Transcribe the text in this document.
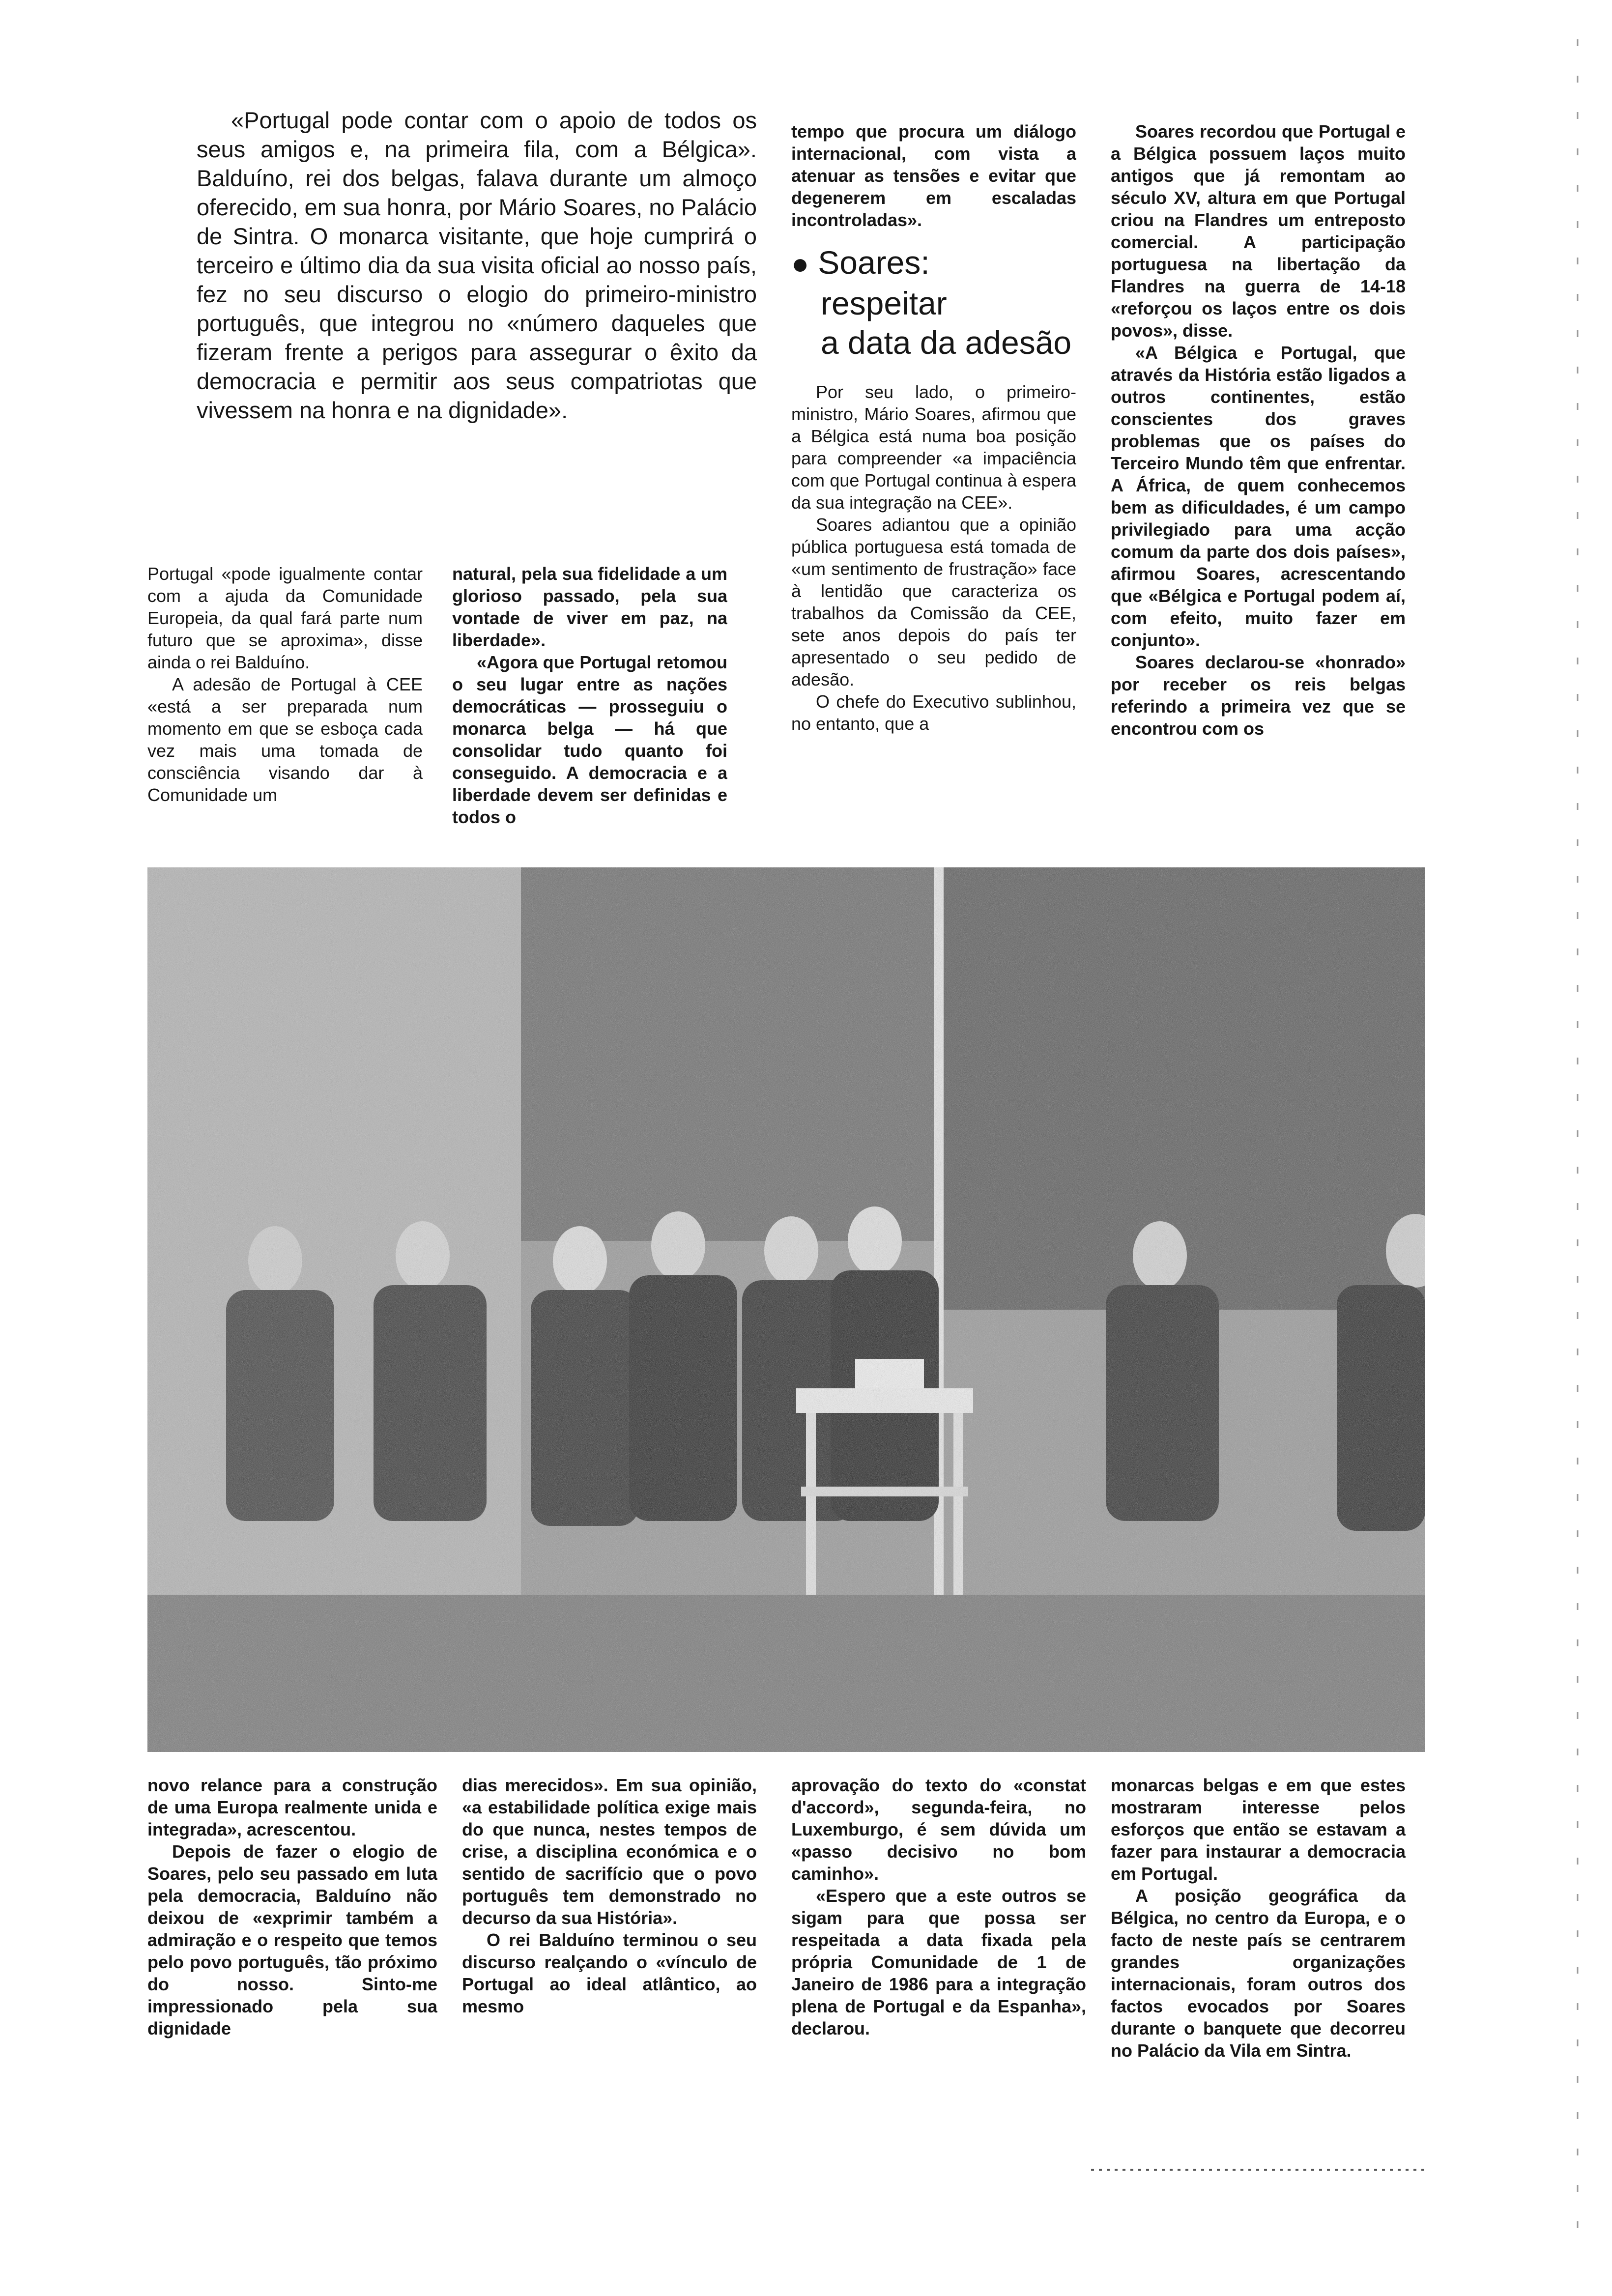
«Portugal pode contar com o apoio de todos os seus amigos e, na primeira fila, com a Bélgica». Balduíno, rei dos belgas, falava durante um almoço oferecido, em sua honra, por Mário Soares, no Palácio de Sintra. O monarca visitante, que hoje cumprirá o terceiro e último dia da sua visita oficial ao nosso país, fez no seu discurso o elogio do primeiro-ministro português, que integrou no «número daqueles que fizeram frente a perigos para assegurar o êxito da democracia e permitir aos seus compatriotas que vivessem na honra e na dignidade».

Portugal «pode igualmente contar com a ajuda da Comunidade Europeia, da qual fará parte num futuro que se aproxima», disse ainda o rei Balduíno.

A adesão de Portugal à CEE «está a ser preparada num momento em que se esboça cada vez mais uma tomada de consciência visando dar à Comunidade um

natural, pela sua fidelidade a um glorioso passado, pela sua vontade de viver em paz, na liberdade».

«Agora que Portugal retomou o seu lugar entre as nações democráticas — prosseguiu o monarca belga — há que consolidar tudo quanto foi conseguido. A democracia e a liberdade devem ser definidas e todos o

tempo que procura um diálogo internacional, com vista a atenuar as tensões e evitar que degenerem em escaladas incontroladas».

● Soares:
respeitar
a data da adesão

Por seu lado, o primeiro-ministro, Mário Soares, afirmou que a Bélgica está numa boa posição para compreender «a impaciência com que Portugal continua à espera da sua integração na CEE».

Soares adiantou que a opinião pública portuguesa está tomada de «um sentimento de frustração» face à lentidão que caracteriza os trabalhos da Comissão da CEE, sete anos depois do país ter apresentado o seu pedido de adesão.

O chefe do Executivo sublinhou, no entanto, que a

Soares recordou que Portugal e a Bélgica possuem laços muito antigos que já remontam ao século XV, altura em que Portugal criou na Flandres um entreposto comercial. A participação portuguesa na libertação da Flandres na guerra de 14-18 «reforçou os laços entre os dois povos», disse.

«A Bélgica e Portugal, que através da História estão ligados a outros continentes, estão conscientes dos graves problemas que os países do Terceiro Mundo têm que enfrentar. A África, de quem conhecemos bem as dificuldades, é um campo privilegiado para uma acção comum da parte dos dois países», afirmou Soares, acrescentando que «Bélgica e Portugal podem aí, com efeito, muito fazer em conjunto».

Soares declarou-se «honrado» por receber os reis belgas referindo a primeira vez que se encontrou com os

novo relance para a construção de uma Europa realmente unida e integrada», acrescentou.

Depois de fazer o elogio de Soares, pelo seu passado em luta pela democracia, Balduíno não deixou de «exprimir também a admiração e o respeito que temos pelo povo português, tão próximo do nosso. Sinto-me impressionado pela sua dignidade

dias merecidos». Em sua opinião, «a estabilidade política exige mais do que nunca, nestes tempos de crise, a disciplina económica e o sentido de sacrifício que o povo português tem demonstrado no decurso da sua História».

O rei Balduíno terminou o seu discurso realçando o «vínculo de Portugal ao ideal atlântico, ao mesmo

aprovação do texto do «constat d'accord», segunda-feira, no Luxemburgo, é sem dúvida um «passo decisivo no bom caminho».

«Espero que a este outros se sigam para que possa ser respeitada a data fixada pela própria Comunidade de 1 de Janeiro de 1986 para a integração plena de Portugal e da Espanha», declarou.

monarcas belgas e em que estes mostraram interesse pelos esforços que então se estavam a fazer para instaurar a democracia em Portugal.

A posição geográfica da Bélgica, no centro da Europa, e o facto de neste país se centrarem grandes organizações internacionais, foram outros dos factos evocados por Soares durante o banquete que decorreu no Palácio da Vila em Sintra.
